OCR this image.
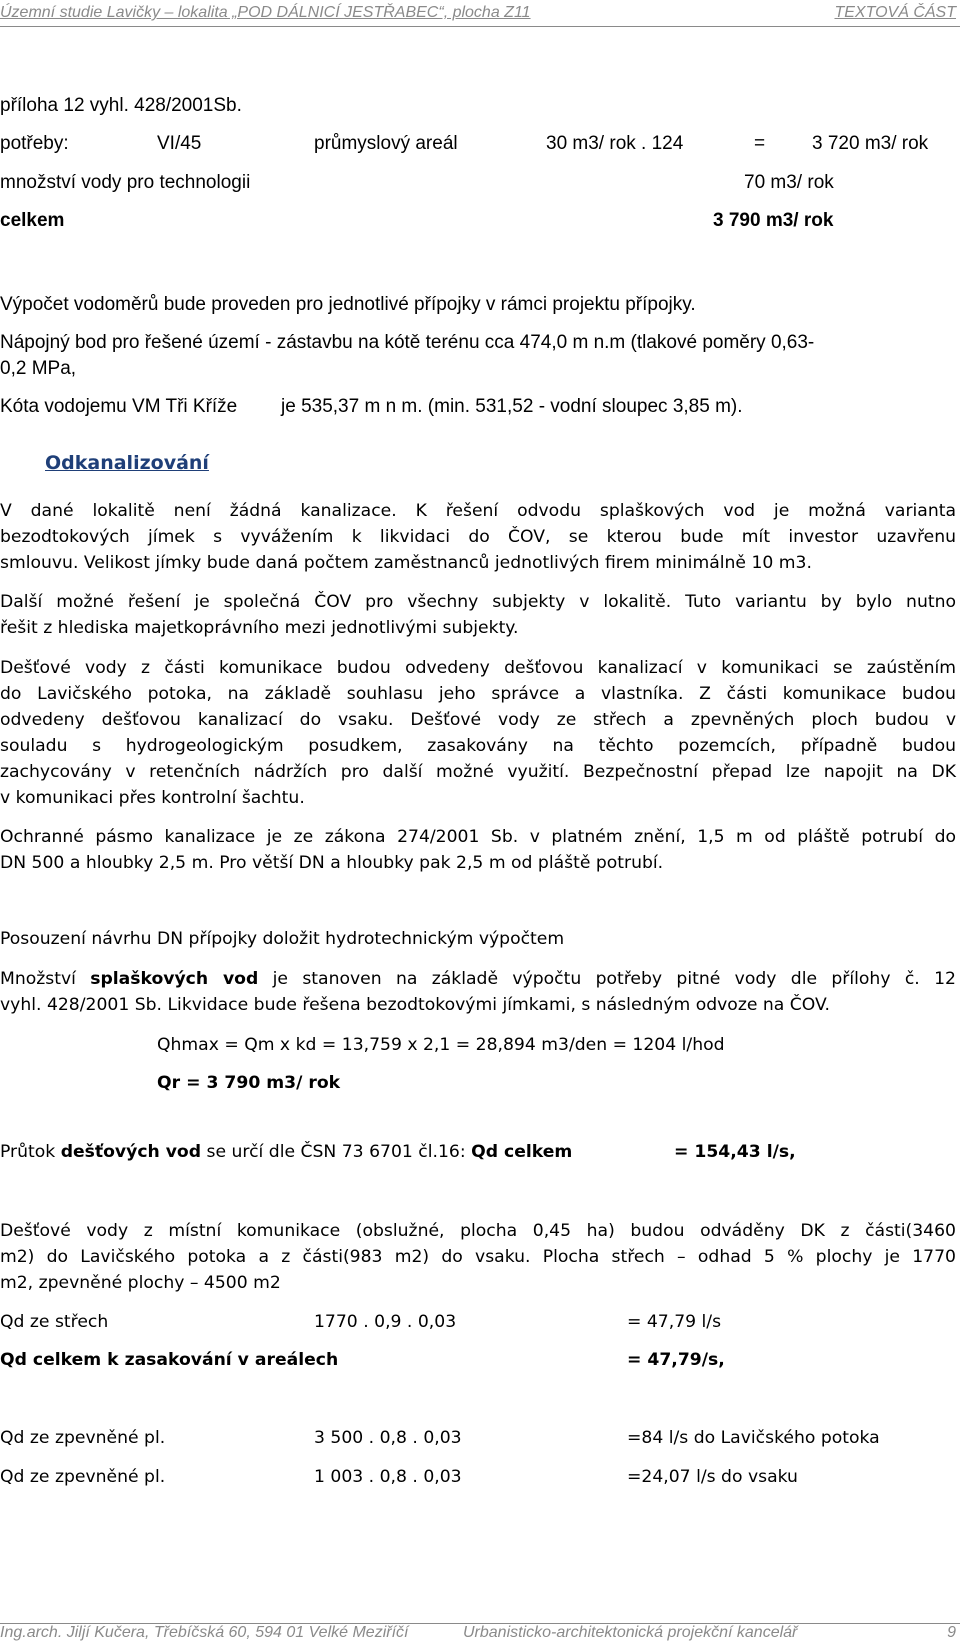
Územní studie Lavičky – lokalita „POD DÁLNICÍ JESTŘABEC“, plocha Z11	TEXTOVÁ ČÁST
příloha 12 vyhl. 428/2001Sb.
potřeby:	VI/45	průmyslový areál	30 m3/ rok . 124	= 3 720 m3/ rok
množství vody pro technologii	70 m3/ rok
celkem	3 790 m3/ rok
Výpočet vodoměrů bude proveden pro jednotlivé přípojky v rámci projektu přípojky.
Nápojný bod pro řešené území - zástavbu na kótě terénu cca 474,0 m n.m (tlakové poměry 0,63-
0,2 MPa,
Kóta vodojemu VM Tři Kříže je 535,37 m n m. (min. 531,52 - vodní sloupec 3,85 m).
Odkanalizování
V dané lokalitě není žádná kanalizace. K řešení odvodu splaškových vod je možná varianta
bezodtokových jímek s vyvážením k likvidaci do ČOV, se kterou bude mít investor uzavřenu
smlouvu. Velikost jímky bude daná počtem zaměstnanců jednotlivých firem minimálně 10 m3.
Další možné řešení je společná ČOV pro všechny subjekty v lokalitě. Tuto variantu by bylo nutno
řešit z hlediska majetkoprávního mezi jednotlivými subjekty.
Dešťové vody z části komunikace budou odvedeny dešťovou kanalizací v komunikaci se zaústěním
do Lavičského potoka, na základě souhlasu jeho správce a vlastníka. Z části komunikace budou
odvedeny dešťovou kanalizací do vsaku. Dešťové vody ze střech a zpevněných ploch budou v
souladu s hydrogeologickým posudkem, zasakovány na těchto pozemcích, případně budou
zachycovány v retenčních nádržích pro další možné využití. Bezpečnostní přepad lze napojit na DK
v komunikaci přes kontrolní šachtu.
Ochranné pásmo kanalizace je ze zákona 274/2001 Sb. v platném znění, 1,5 m od pláště potrubí do
DN 500 a hloubky 2,5 m. Pro větší DN a hloubky pak 2,5 m od pláště potrubí.
Posouzení návrhu DN přípojky doložit hydrotechnickým výpočtem
Množství splaškových vod je stanoven na základě výpočtu potřeby pitné vody dle přílohy č. 12
vyhl. 428/2001 Sb. Likvidace bude řešena bezodtokovými jímkami, s následným odvoze na ČOV.
Qhmax = Qm x kd = 13,759 x 2,1 = 28,894 m3/den = 1204 l/hod
Qr = 3 790 m3/ rok
Průtok dešťových vod se určí dle ČSN 73 6701 čl.16: Qd celkem	= 154,43 l/s,
Dešťové vody z místní komunikace (obslužné, plocha 0,45 ha) budou odváděny DK z části(3460
m2) do Lavičského potoka a z části(983 m2) do vsaku. Plocha střech – odhad 5 % plochy je 1770
m2, zpevněné plochy – 4500 m2
Qd ze střech	1770 . 0,9 . 0,03	= 47,79 l/s
Qd celkem k zasakování v areálech	= 47,79/s,
Qd ze zpevněné pl.	3 500 . 0,8 . 0,03	=84 l/s do Lavičského potoka
Qd ze zpevněné pl.	1 003 . 0,8 . 0,03	=24,07 l/s do vsaku
Ing.arch. Jiljí Kučera, Třebíčská 60, 594 01 Velké Meziříčí	Urbanisticko-architektonická projekční kancelář	9
